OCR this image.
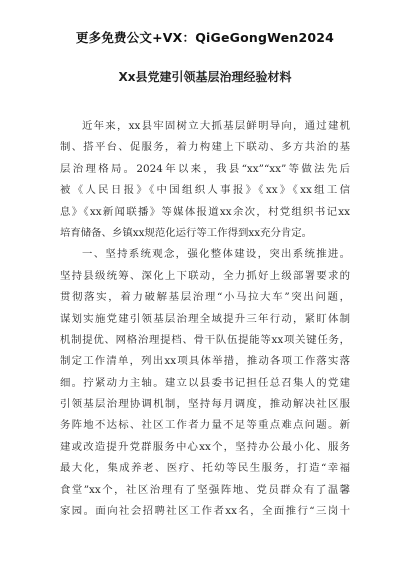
更多免费公文+VX：QiGeGongWen2024
Xx县党建引领基层治理经验材料
近年来，xx县牢固树立大抓基层鲜明导向，通过建机
制、搭平台、促服务，着力构建上下联动、多方共治的基
层治理格局。2024年以来，我县“xx”“xx”等做法先后
被《人民日报》《中国组织人事报》《xx》《xx组工信
息》《xx新闻联播》等媒体报道xx余次，村党组织书记xx
培育储备、乡镇xx规范化运行等工作得到xx充分肯定。
一、坚持系统观念，强化整体建设，突出系统推进。
坚持县级统筹、深化上下联动，全力抓好上级部署要求的
贯彻落实，着力破解基层治理“小马拉大车”突出问题，
谋划实施党建引领基层治理全域提升三年行动，紧盯体制
机制提优、网格治理提档、骨干队伍提能等xx项关键任务，
制定工作清单，列出xx项具体举措，推动各项工作落实落
细。拧紧动力主轴。建立以县委书记担任总召集人的党建
引领基层治理协调机制，坚持每月调度，推动解决社区服
务阵地不达标、社区工作者力量不足等重点难点问题。新
建或改造提升党群服务中心xx个，坚持办公最小化、服务
最大化，集成养老、医疗、托幼等民生服务，打造“幸福
食堂”xx个，社区治理有了坚强阵地、党员群众有了温馨
家园。面向社会招聘社区工作者xx名，全面推行“三岗十
